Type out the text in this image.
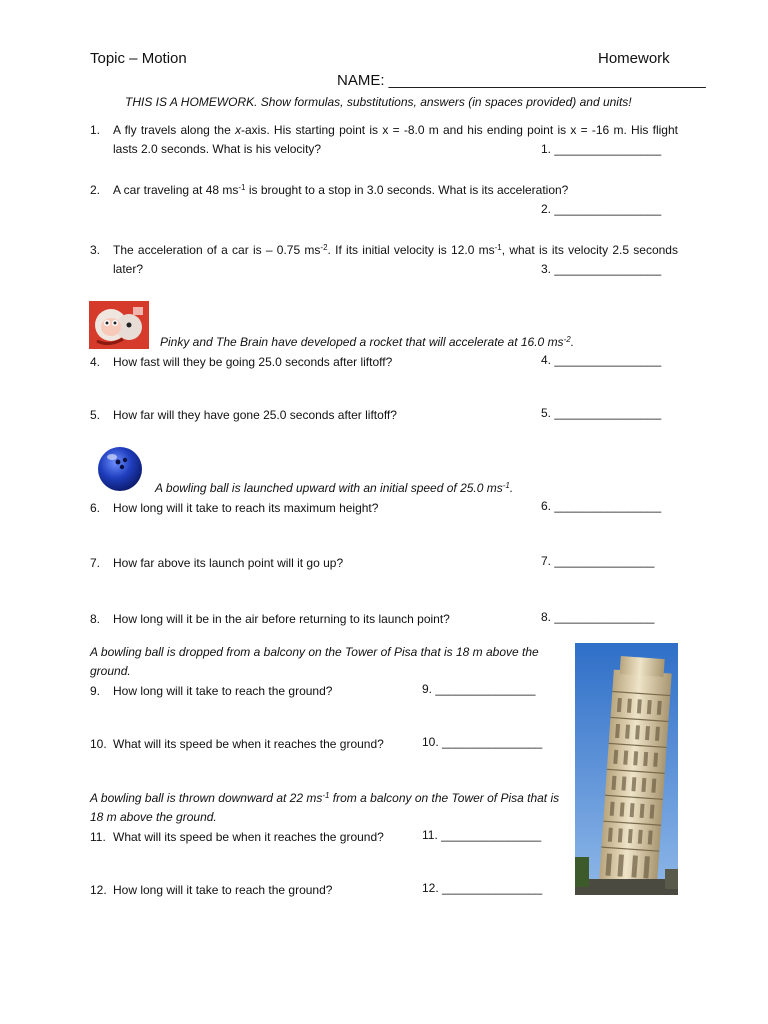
Topic – Motion	Homework
NAME: ______________________________________
THIS IS A HOMEWORK. Show formulas, substitutions, answers (in spaces provided) and units!
1.	A fly travels along the x-axis. His starting point is x = -8.0 m and his ending point is x = -16 m. His flight lasts 2.0 seconds. What is his velocity?	1. ________________
2.	A car traveling at 48 $ms^{-1}$ is brought to a stop in 3.0 seconds. What is its acceleration?
2. ________________
3.	The acceleration of a car is – 0.75 $ms^{-2}$. If its initial velocity is 12.0 $ms^{-1}$, what is its velocity 2.5 seconds later?	3. ________________
Pinky and The Brain have developed a rocket that will accelerate at 16.0 $ms^{-2}$.
4.	How fast will they be going 25.0 seconds after liftoff?	4. ________________
5.	How far will they have gone 25.0 seconds after liftoff?	5. ________________
A bowling ball is launched upward with an initial speed of 25.0 $ms^{-1}$.
6.	How long will it take to reach its maximum height?	6. ________________
7.	How far above its launch point will it go up?	7. _______________
8.	How long will it be in the air before returning to its launch point?	8. _______________
A bowling ball is dropped from a balcony on the Tower of Pisa that is 18 m above the ground.
9.	How long will it take to reach the ground?	9. _______________
10. What will its speed be when it reaches the ground?	10. _______________
A bowling ball is thrown downward at 22 $ms^{-1}$ from a balcony on the Tower of Pisa that is 18 m above the ground.
11. What will its speed be when it reaches the ground?	11. _______________
12. How long will it take to reach the ground?	12. _______________
